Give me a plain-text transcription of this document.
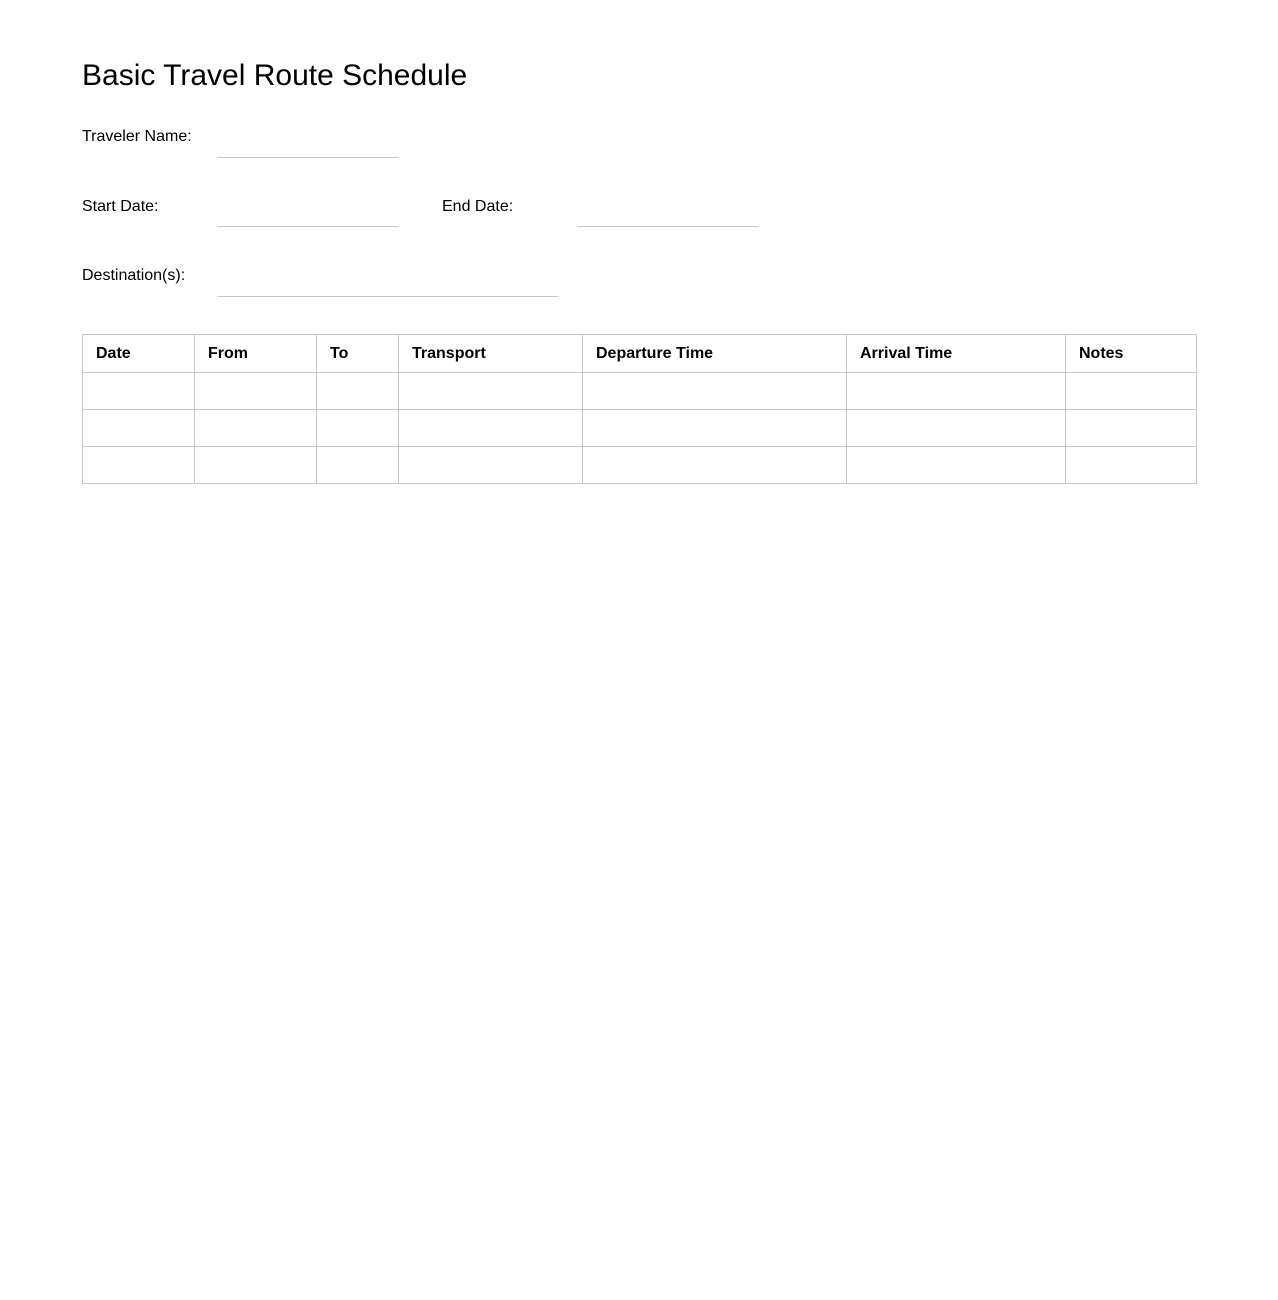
Basic Travel Route Schedule
Traveler Name:
Start Date:	End Date:
Destination(s):
Date	From	To	Transport	Departure Time	Arrival Time	Notes
